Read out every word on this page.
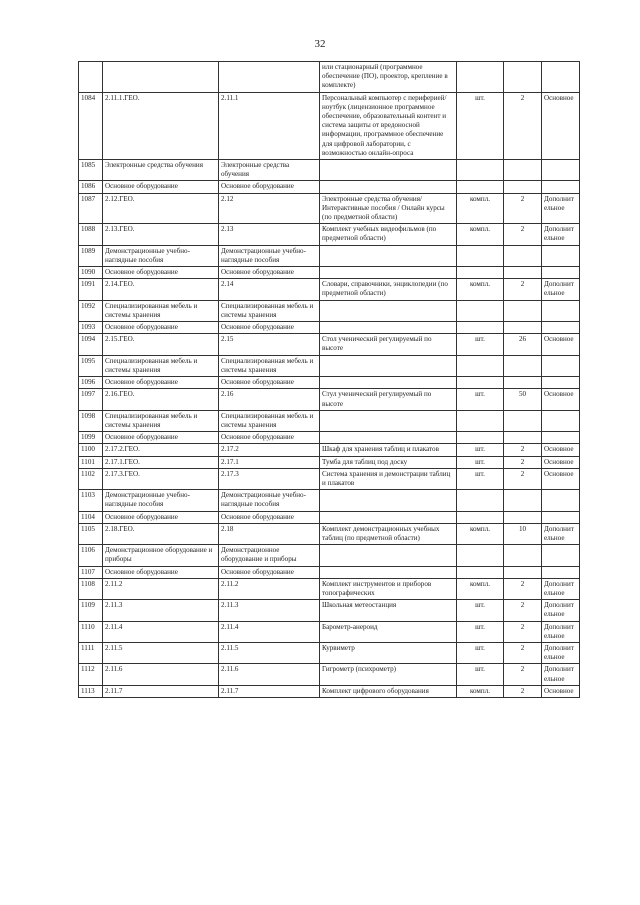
32
			или стационарный (программное обеспечение (ПО), проектор, крепление в комплекте)			
1084	2.11.1.ГЕО.	2.11.1	Персональный компьютер с периферией/ноутбук (лицензионное программное обеспечение, образовательный контент и система защиты от вредоносной информации, программное обеспечение для цифровой лаборатории, с возможностью онлайн-опроса	шт.	2	Основное
1085	Электронные средства обучения	Электронные средства обучения				
1086	Основное оборудование	Основное оборудование				
1087	2.12.ГЕО.	2.12	Электронные средства обучения/Интерактивные пособия / Онлайн курсы (по предметной области)	компл.	2	Дополнительное
1088	2.13.ГЕО.	2.13	Комплект учебных видеофильмов (по предметной области)	компл.	2	Дополнительное
1089	Демонстрационные учебно-наглядные пособия	Демонстрационные учебно-наглядные пособия				
1090	Основное оборудование	Основное оборудование				
1091	2.14.ГЕО.	2.14	Словари, справочники, энциклопедии (по предметной области)	компл.	2	Дополнительное
1092	Специализированная мебель и системы хранения	Специализированная мебель и системы хранения				
1093	Основное оборудование	Основное оборудование				
1094	2.15.ГЕО.	2.15	Стол ученический регулируемый по высоте	шт.	26	Основное
1095	Специализированная мебель и системы хранения	Специализированная мебель и системы хранения				
1096	Основное оборудование	Основное оборудование				
1097	2.16.ГЕО.	2.16	Стул ученический регулируемый по высоте	шт.	50	Основное
1098	Специализированная мебель и системы хранения	Специализированная мебель и системы хранения				
1099	Основное оборудование	Основное оборудование				
1100	2.17.2.ГЕО.	2.17.2	Шкаф для хранения таблиц и плакатов	шт.	2	Основное
1101	2.17.1.ГЕО.	2.17.1	Тумба для таблиц под доску	шт.	2	Основное
1102	2.17.3.ГЕО.	2.17.3	Система хранения и демонстрации таблиц и плакатов	шт.	2	Основное
1103	Демонстрационные учебно-наглядные пособия	Демонстрационные учебно-наглядные пособия				
1104	Основное оборудование	Основное оборудование				
1105	2.18.ГЕО.	2.18	Комплект демонстрационных учебных таблиц (по предметной области)	компл.	10	Дополнительное
1106	Демонстрационное оборудование и приборы	Демонстрационное оборудование и приборы				
1107	Основное оборудование	Основное оборудование				
1108	2.11.2	2.11.2	Комплект инструментов и приборов топографических	компл.	2	Дополнительное
1109	2.11.3	2.11.3	Школьная метеостанция	шт.	2	Дополнительное
1110	2.11.4	2.11.4	Барометр-анероид	шт.	2	Дополнительное
1111	2.11.5	2.11.5	Курвиметр	шт.	2	Дополнительное
1112	2.11.6	2.11.6	Гигрометр (психрометр)	шт.	2	Дополнительное
1113	2.11.7	2.11.7	Комплект цифрового оборудования	компл.	2	Основное
